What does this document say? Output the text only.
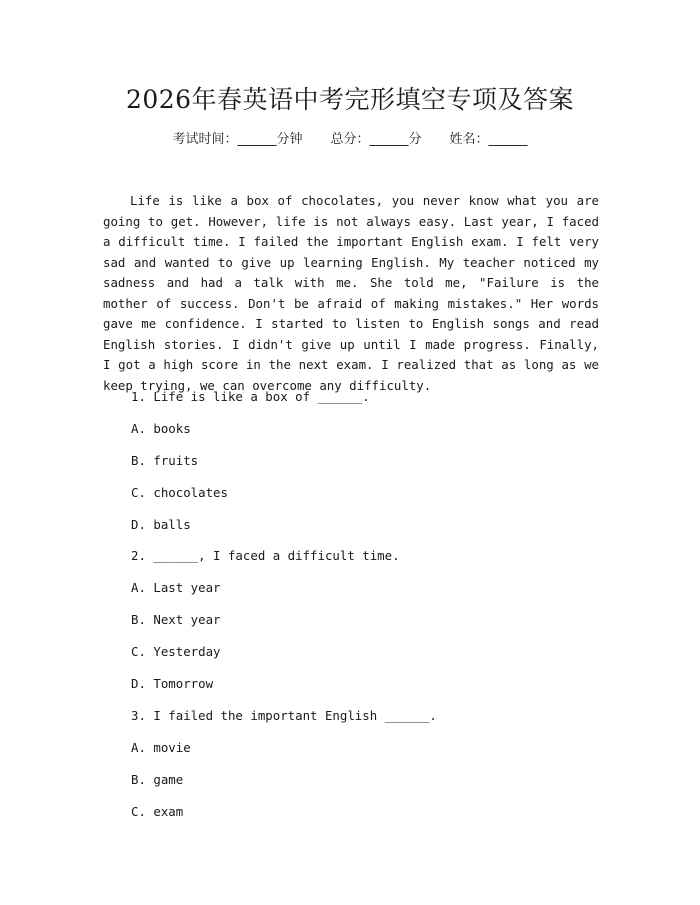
2026年春英语中考完形填空专项及答案
考试时间：______分钟 总分：______分 姓名：______

Life is like a box of chocolates, you never know what you are going to get. However, life is not always easy. Last year, I faced a difficult time. I failed the important English exam. I felt very sad and wanted to give up learning English. My teacher noticed my sadness and had a talk with me. She told me, "Failure is the mother of success. Don't be afraid of making mistakes." Her words gave me confidence. I started to listen to English songs and read English stories. I didn't give up until I made progress. Finally, I got a high score in the next exam. I realized that as long as we keep trying, we can overcome any difficulty.

1. Life is like a box of ______.
A. books
B. fruits
C. chocolates
D. balls
2. ______, I faced a difficult time.
A. Last year
B. Next year
C. Yesterday
D. Tomorrow
3. I failed the important English ______.
A. movie
B. game
C. exam
